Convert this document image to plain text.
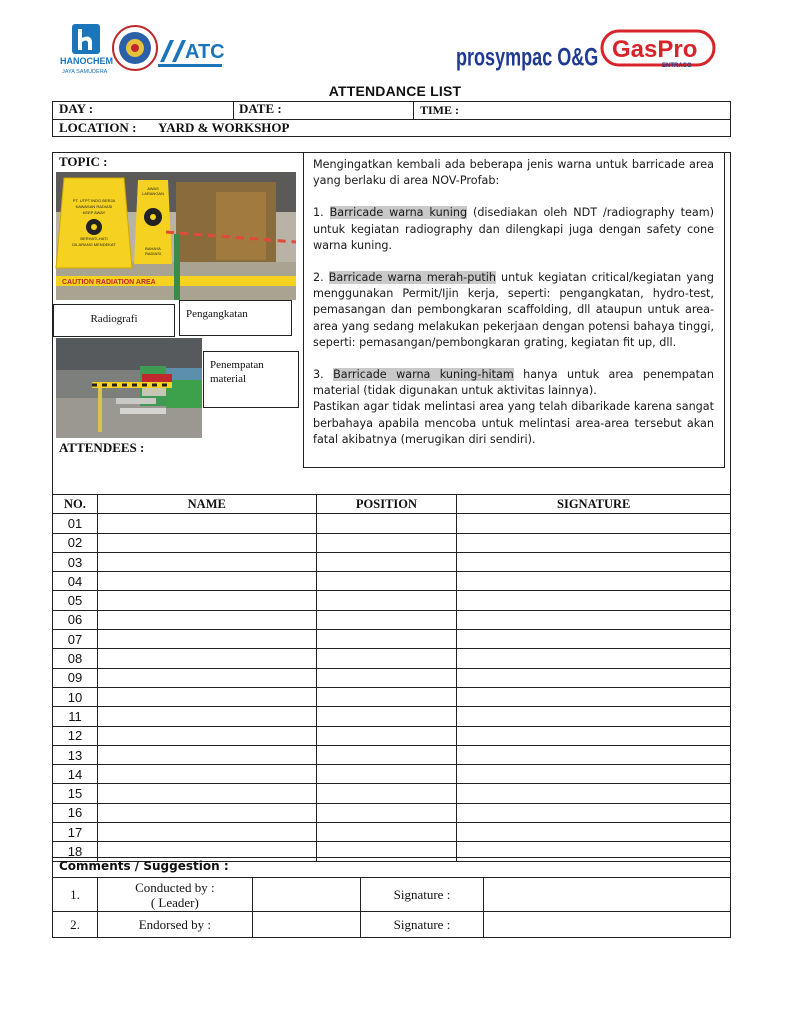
HANOCHEM
JAYA SAMUDERA
ATC	prosympac O&G GasPro
ENTRACO
ATTENDANCE LIST
DAY :	DATE :	TIME :
LOCATION : YARD & WORKSHOP
TOPIC :
PT. UTPT INDO BERJA
KAWASAN RADIASI
KEEP AWAY
BERHATI-HATI
DILARANG MENDEKAT
AWAS
LARANGAN
BAHAYA
RADIASI
CAUTION RADIATION AREA
Radiografi	Pengangkatan
Penempatan material
ATTENDEES :

Mengingatkan kembali ada beberapa jenis warna untuk barricade area yang berlaku di area NOV-Profab:

1. Barricade warna kuning (disediakan oleh NDT /radiography team) untuk kegiatan radiography dan dilengkapi juga dengan safety cone warna kuning.

2. Barricade warna merah-putih untuk kegiatan critical/kegiatan yang menggunakan Permit/Ijin kerja, seperti: pengangkatan, hydro-test, pemasangan dan pembongkaran scaffolding, dll ataupun untuk area-area yang sedang melakukan pekerjaan dengan potensi bahaya tinggi, seperti: pemasangan/pembongkaran grating, kegiatan fit up, dll.

3. Barricade warna kuning-hitam hanya untuk area penempatan material (tidak digunakan untuk aktivitas lainnya).

Pastikan agar tidak melintasi area yang telah dibarikade karena sangat berbahaya apabila mencoba untuk melintasi area-area tersebut akan fatal akibatnya (merugikan diri sendiri).

NO.	NAME	POSITION	SIGNATURE
01			
02			
03			
04			
05			
06			
07			
08			
09			
10			
11			
12			
13			
14			
15			
16			
17			
18			
Comments / Suggestion :
1.	Conducted by :
( Leader)		Signature :	
2.	Endorsed by :		Signature :	
